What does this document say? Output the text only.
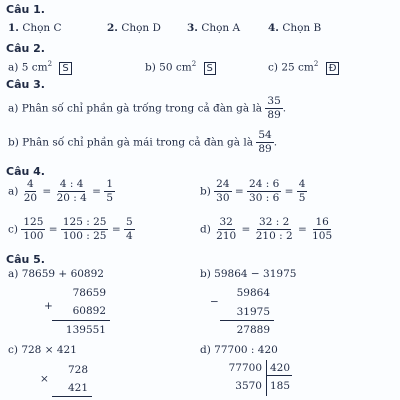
Câu 1.
1. Chọn C	2. Chọn D 3. Chọn A	4. Chọn B
Câu 2.
a) 5 $cm^2$ S	b) 50 $cm^2$ S	c) 25 $cm^2$ Đ
Câu 3.
a) Phân số chỉ phần gà trống trong cả đàn gà là $\frac{35}{89}$ .
b) Phân số chỉ phần gà mái trong cả đàn gà là $\frac{54}{89}$ .
Câu 4.
$a) \frac{4}{20} = \frac{4 : 4}{20 : 4} = \frac{1}{5}$	$b) \frac{24}{30} = \frac{24 : 6}{30 : 6} = \frac{4}{5}$
$c) \frac{125}{100} = \frac{125 : 25}{100 : 25} = \frac{5}{4}$	$d) \frac{32}{210} = \frac{32 : 2}{210 : 2} = \frac{16}{105}$
Câu 5.
a) 78659 + 60892
78659
+	60892
139551
b) 59864 − 31975
59864
−
31975
27889
c) 728 × 421
728
×
421
d) 77700 : 420
77700 420
3570 185
